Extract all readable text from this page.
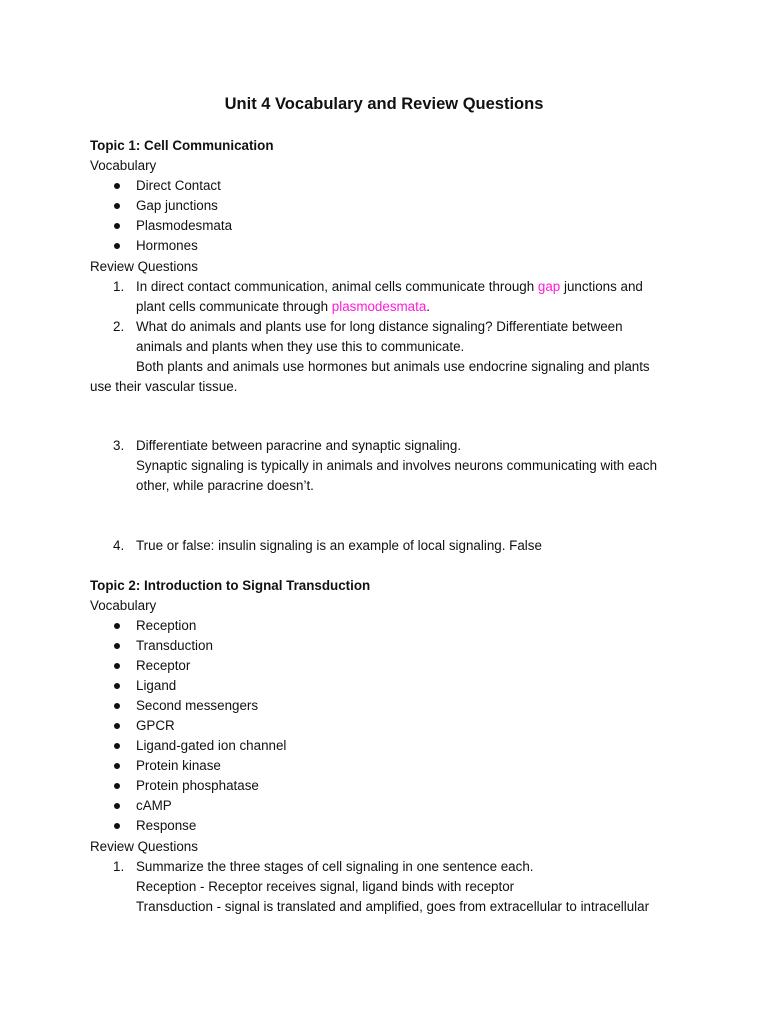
Unit 4 Vocabulary and Review Questions
Topic 1: Cell Communication
Vocabulary
Direct Contact
Gap junctions
Plasmodesmata
Hormones
Review Questions
1. In direct contact communication, animal cells communicate through gap junctions and
plant cells communicate through plasmodesmata.
2. What do animals and plants use for long distance signaling? Differentiate between
animals and plants when they use this to communicate.
Both plants and animals use hormones but animals use endocrine signaling and plants
use their vascular tissue.
3. Differentiate between paracrine and synaptic signaling.
Synaptic signaling is typically in animals and involves neurons communicating with each
other, while paracrine doesn’t.
4. True or false: insulin signaling is an example of local signaling. False
Topic 2: Introduction to Signal Transduction
Vocabulary
Reception
Transduction
Receptor
Ligand
Second messengers
GPCR
Ligand-gated ion channel
Protein kinase
Protein phosphatase
cAMP
Response
Review Questions
1. Summarize the three stages of cell signaling in one sentence each.
Reception - Receptor receives signal, ligand binds with receptor
Transduction - signal is translated and amplified, goes from extracellular to intracellular
